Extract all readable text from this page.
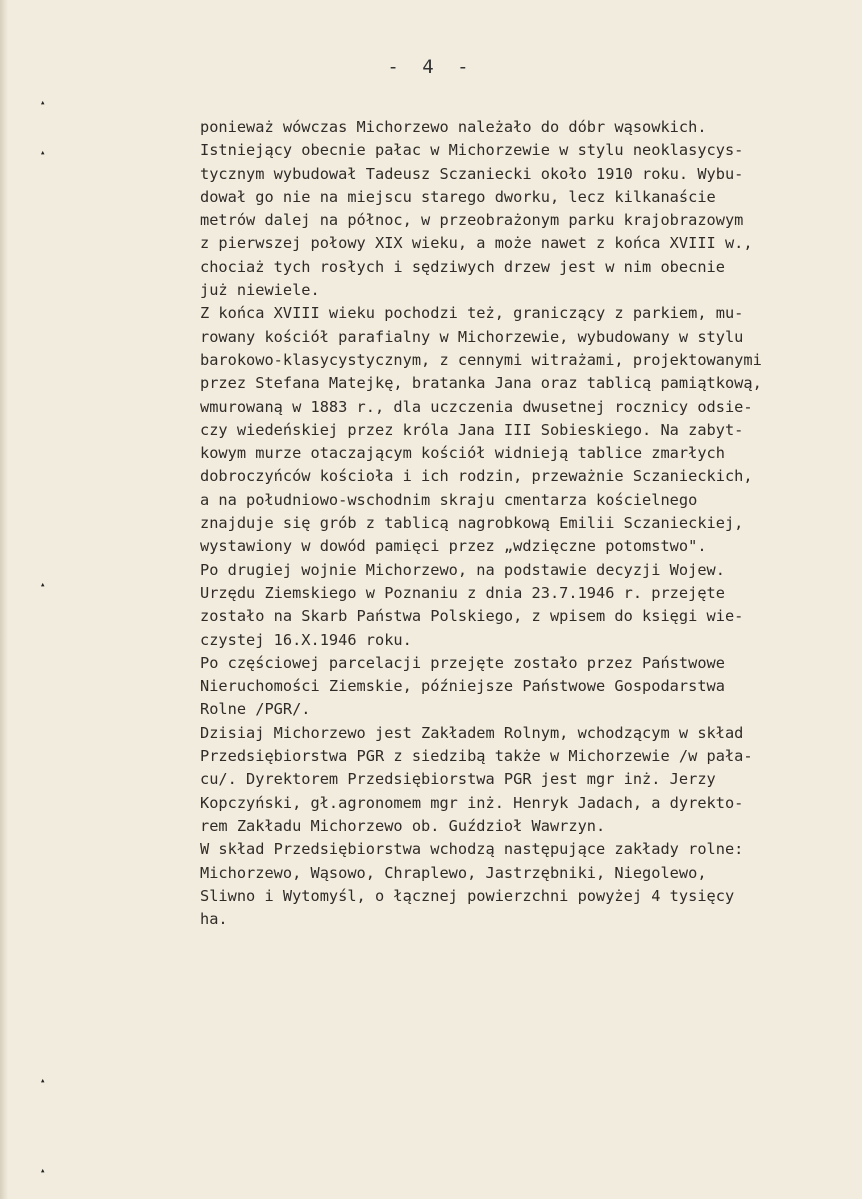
▴
▴
▴
▴
▴
- 4 -
ponieważ wówczas Michorzewo należało do dóbr wąsowkich.
Istniejący obecnie pałac w Michorzewie w stylu neoklasycys-
tycznym wybudował Tadeusz Sczaniecki około 1910 roku. Wybu-
dował go nie na miejscu starego dworku, lecz kilkanaście
metrów dalej na północ, w przeobrażonym parku krajobrazowym
z pierwszej połowy XIX wieku, a może nawet z końca XVIII w.,
chociaż tych rosłych i sędziwych drzew jest w nim obecnie
już niewiele.
Z końca XVIII wieku pochodzi też, graniczący z parkiem, mu-
rowany kościół parafialny w Michorzewie, wybudowany w stylu
barokowo-klasycystycznym, z cennymi witrażami, projektowanymi
przez Stefana Matejkę, bratanka Jana oraz tablicą pamiątkową,
wmurowaną w 1883 r., dla uczczenia dwusetnej rocznicy odsie-
czy wiedeńskiej przez króla Jana III Sobieskiego. Na zabyt-
kowym murze otaczającym kościół widnieją tablice zmarłych
dobroczyńców kościoła i ich rodzin, przeważnie Sczanieckich,
a na południowo-wschodnim skraju cmentarza kościelnego
znajduje się grób z tablicą nagrobkową Emilii Sczanieckiej,
wystawiony w dowód pamięci przez „wdzięczne potomstwo".
Po drugiej wojnie Michorzewo, na podstawie decyzji Wojew.
Urzędu Ziemskiego w Poznaniu z dnia 23.7.1946 r. przejęte
zostało na Skarb Państwa Polskiego, z wpisem do księgi wie-
czystej 16.X.1946 roku.
Po częściowej parcelacji przejęte zostało przez Państwowe
Nieruchomości Ziemskie, późniejsze Państwowe Gospodarstwa
Rolne /PGR/.
Dzisiaj Michorzewo jest Zakładem Rolnym, wchodzącym w skład
Przedsiębiorstwa PGR z siedzibą także w Michorzewie /w pała-
cu/. Dyrektorem Przedsiębiorstwa PGR jest mgr inż. Jerzy
Kopczyński, gł.agronomem mgr inż. Henryk Jadach, a dyrekto-
rem Zakładu Michorzewo ob. Guździoł Wawrzyn.
W skład Przedsiębiorstwa wchodzą następujące zakłady rolne:
Michorzewo, Wąsowo, Chraplewo, Jastrzębniki, Niegolewo,
Sliwno i Wytomyśl, o łącznej powierzchni powyżej 4 tysięcy
ha.
